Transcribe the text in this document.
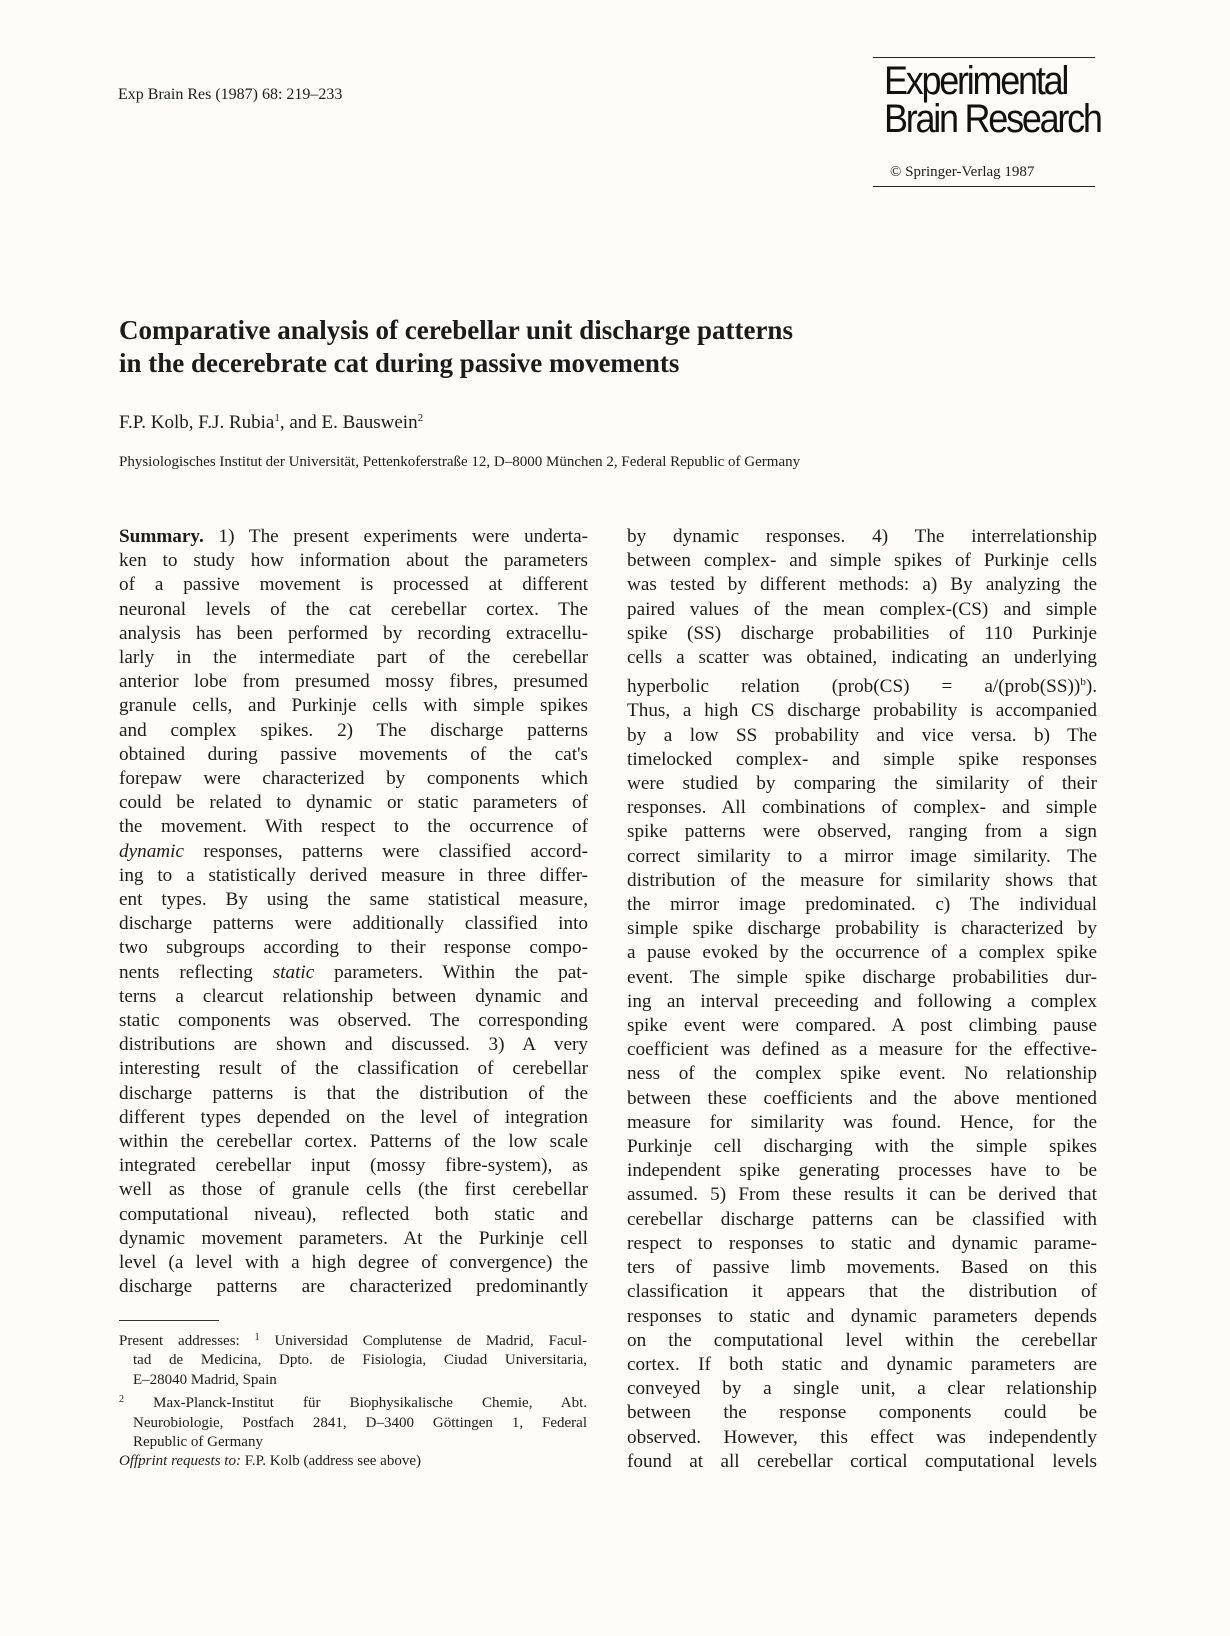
Exp Brain Res (1987) 68: 219–233	Experimental
Brain Research
© Springer-Verlag 1987
Comparative analysis of cerebellar unit discharge patterns
in the decerebrate cat during passive movements
F.P. Kolb, F.J. Rubia$^1$, and E. Bauswein$^2$
Physiologisches Institut der Universität, Pettenkoferstraße 12, D–8000 München 2, Federal Republic of Germany
Summary. 1) The present experiments were underta-
ken to study how information about the parameters
of a passive movement is processed at different
neuronal levels of the cat cerebellar cortex. The
analysis has been performed by recording extracellu-
larly in the intermediate part of the cerebellar
anterior lobe from presumed mossy fibres, presumed
granule cells, and Purkinje cells with simple spikes
and complex spikes. 2) The discharge patterns
obtained during passive movements of the cat's
forepaw were characterized by components which
could be related to dynamic or static parameters of
the movement. With respect to the occurrence of
dynamic responses, patterns were classified accord-
ing to a statistically derived measure in three differ-
ent types. By using the same statistical measure,
discharge patterns were additionally classified into
two subgroups according to their response compo-
nents reflecting static parameters. Within the pat-
terns a clearcut relationship between dynamic and
static components was observed. The corresponding
distributions are shown and discussed. 3) A very
interesting result of the classification of cerebellar
discharge patterns is that the distribution of the
different types depended on the level of integration
within the cerebellar cortex. Patterns of the low scale
integrated cerebellar input (mossy fibre-system), as
well as those of granule cells (the first cerebellar
computational niveau), reflected both static and
dynamic movement parameters. At the Purkinje cell
level (a level with a high degree of convergence) the
discharge patterns are characterized predominantly
Present addresses: $^1$ Universidad Complutense de Madrid, Facul-
tad de Medicina, Dpto. de Fisiologia, Ciudad Universitaria,
E–28040 Madrid, Spain
$^2$ Max-Planck-Institut für Biophysikalische Chemie, Abt.
Neurobiologie, Postfach 2841, D–3400 Göttingen 1, Federal
Republic of Germany
Offprint requests to: F.P. Kolb (address see above)
by dynamic responses. 4) The interrelationship
between complex- and simple spikes of Purkinje cells
was tested by different methods: a) By analyzing the
paired values of the mean complex-(CS) and simple
spike (SS) discharge probabilities of 110 Purkinje
cells a scatter was obtained, indicating an underlying
hyperbolic relation (prob(CS) = a/(prob(SS))$^b$).
Thus, a high CS discharge probability is accompanied
by a low SS probability and vice versa. b) The
timelocked complex- and simple spike responses
were studied by comparing the similarity of their
responses. All combinations of complex- and simple
spike patterns were observed, ranging from a sign
correct similarity to a mirror image similarity. The
distribution of the measure for similarity shows that
the mirror image predominated. c) The individual
simple spike discharge probability is characterized by
a pause evoked by the occurrence of a complex spike
event. The simple spike discharge probabilities dur-
ing an interval preceeding and following a complex
spike event were compared. A post climbing pause
coefficient was defined as a measure for the effective-
ness of the complex spike event. No relationship
between these coefficients and the above mentioned
measure for similarity was found. Hence, for the
Purkinje cell discharging with the simple spikes
independent spike generating processes have to be
assumed. 5) From these results it can be derived that
cerebellar discharge patterns can be classified with
respect to responses to static and dynamic parame-
ters of passive limb movements. Based on this
classification it appears that the distribution of
responses to static and dynamic parameters depends
on the computational level within the cerebellar
cortex. If both static and dynamic parameters are
conveyed by a single unit, a clear relationship
between the response components could be
observed. However, this effect was independently
found at all cerebellar cortical computational levels
